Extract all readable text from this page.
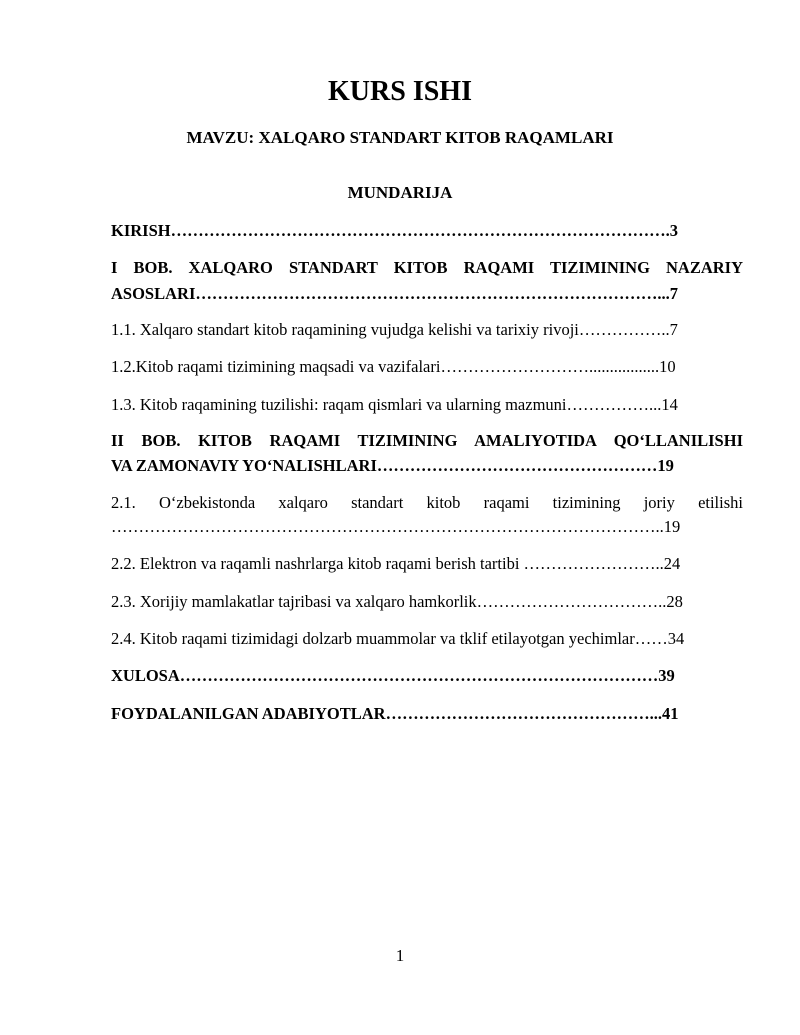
KURS ISHI
MAVZU: XALQARO STANDART KITOB RAQAMLARI
MUNDARIJA
KIRISH……………………………………………………………………………….3
I BOB. XALQARO STANDART KITOB RAQAMI TIZIMINING NAZARIY
ASOSLARI…………………………………………………………………………...7
1.1. Xalqaro standart kitob raqamining vujudga kelishi va tarixiy rivoji……………..7
1.2.Kitob raqami tizimining maqsadi va vazifalari……………………….................10
1.3. Kitob raqamining tuzilishi: raqam qismlari va ularning mazmuni……………...14
II BOB. KITOB RAQAMI TIZIMINING AMALIYOTIDA QO‘LLANILISHI
VA ZAMONAVIY YO‘NALISHLARI……………………………………………19
2.1. O‘zbekistonda xalqaro standart kitob raqami tizimining joriy etilishi
………………………………………………………………………………………..19
2.2. Elektron va raqamli nashrlarga kitob raqami berish tartibi ……………………..24
2.3. Xorijiy mamlakatlar tajribasi va xalqaro hamkorlik……………………………..28
2.4. Kitob raqami tizimidagi dolzarb muammolar va tklif etilayotgan yechimlar……34
XULOSA……………………………………………………………………………39
FOYDALANILGAN ADABIYOTLAR…………………………………………...41
1
